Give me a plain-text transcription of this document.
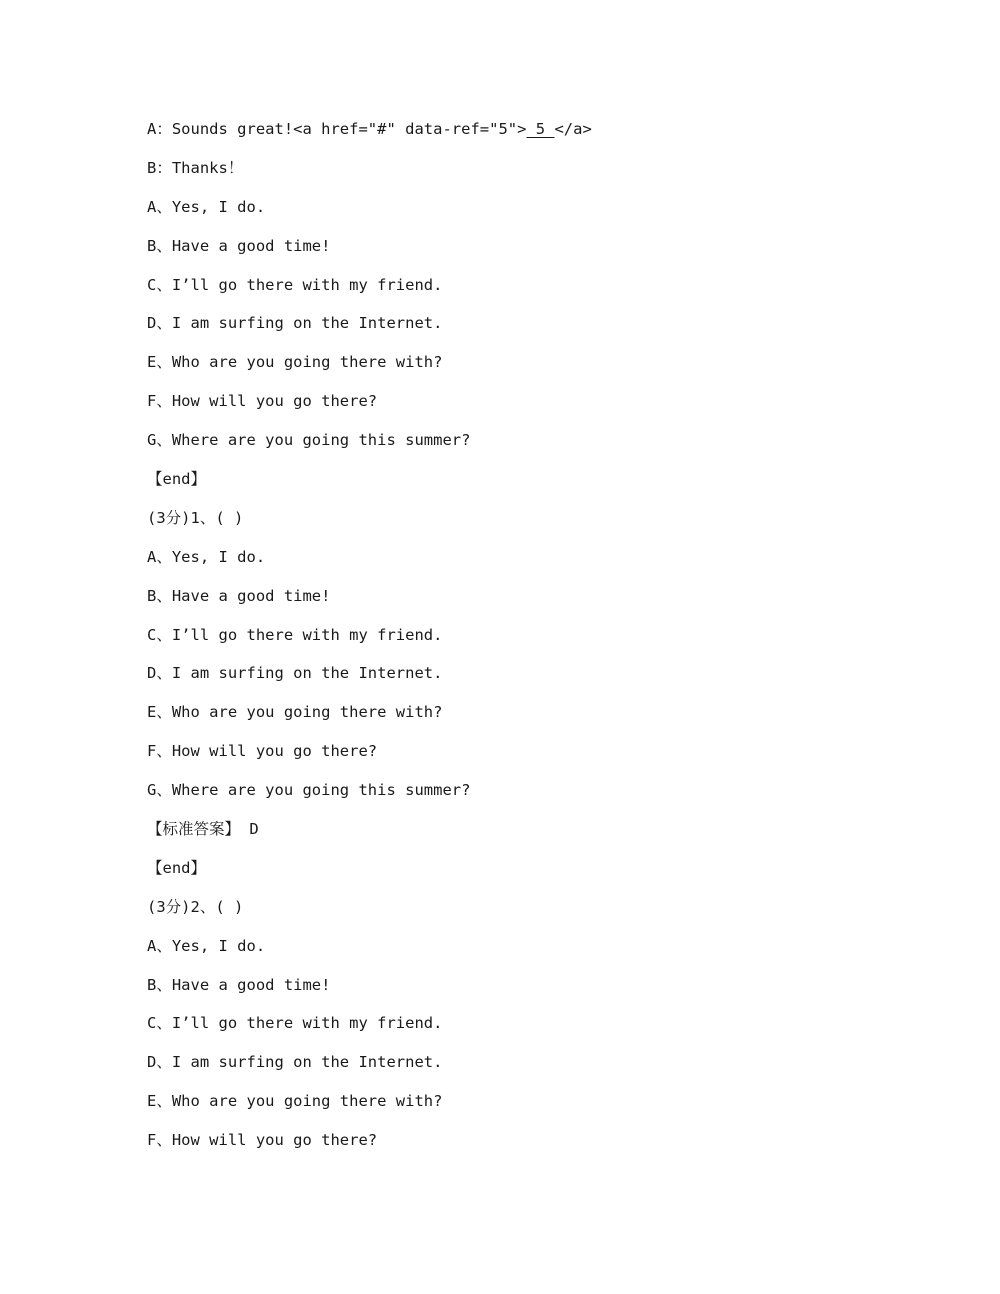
A：Sounds great!<a href="#" data-ref="5"> 5 </a>
B：Thanks！
A、Yes, I do.
B、Have a good time!
C、I’ll go there with my friend.
D、I am surfing on the Internet.
E、Who are you going there with?
F、How will you go there?
G、Where are you going this summer?
【end】
(3分)1、( )
A、Yes, I do.
B、Have a good time!
C、I’ll go there with my friend.
D、I am surfing on the Internet.
E、Who are you going there with?
F、How will you go there?
G、Where are you going this summer?
【标准答案】 D
【end】
(3分)2、( )
A、Yes, I do.
B、Have a good time!
C、I’ll go there with my friend.
D、I am surfing on the Internet.
E、Who are you going there with?
F、How will you go there?
